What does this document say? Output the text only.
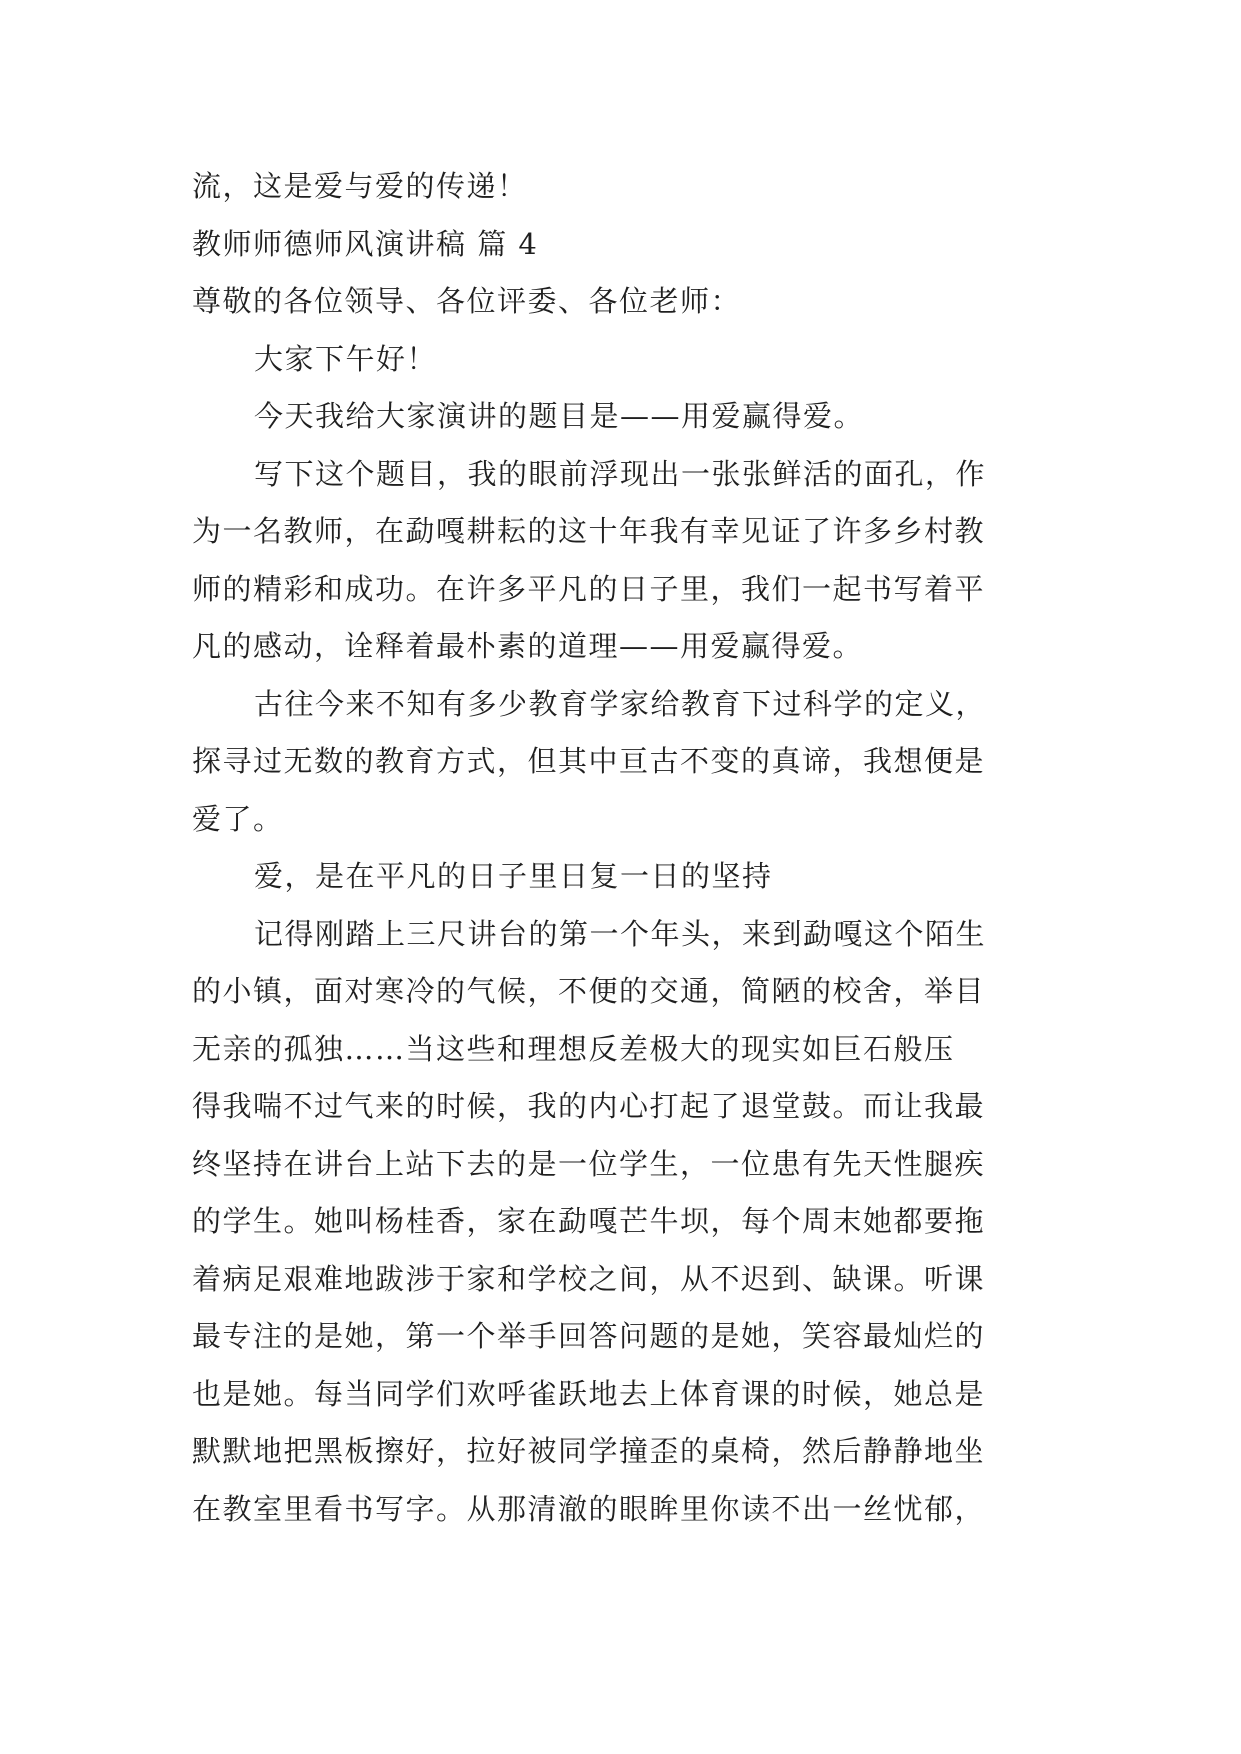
流，这是爱与爱的传递！
教师师德师风演讲稿 篇 4
尊敬的各位领导、各位评委、各位老师：
大家下午好！
今天我给大家演讲的题目是——用爱赢得爱。
写下这个题目，我的眼前浮现出一张张鲜活的面孔，作
为一名教师，在勐嘎耕耘的这十年我有幸见证了许多乡村教
师的精彩和成功。在许多平凡的日子里，我们一起书写着平
凡的感动，诠释着最朴素的道理——用爱赢得爱。
古往今来不知有多少教育学家给教育下过科学的定义，
探寻过无数的教育方式，但其中亘古不变的真谛，我想便是
爱了。
爱，是在平凡的日子里日复一日的坚持
记得刚踏上三尺讲台的第一个年头，来到勐嘎这个陌生
的小镇，面对寒冷的气候，不便的交通，简陋的校舍，举目
无亲的孤独……当这些和理想反差极大的现实如巨石般压
得我喘不过气来的时候，我的内心打起了退堂鼓。而让我最
终坚持在讲台上站下去的是一位学生，一位患有先天性腿疾
的学生。她叫杨桂香，家在勐嘎芒牛坝，每个周末她都要拖
着病足艰难地跋涉于家和学校之间，从不迟到、缺课。听课
最专注的是她，第一个举手回答问题的是她，笑容最灿烂的
也是她。每当同学们欢呼雀跃地去上体育课的时候，她总是
默默地把黑板擦好，拉好被同学撞歪的桌椅，然后静静地坐
在教室里看书写字。从那清澈的眼眸里你读不出一丝忧郁，
